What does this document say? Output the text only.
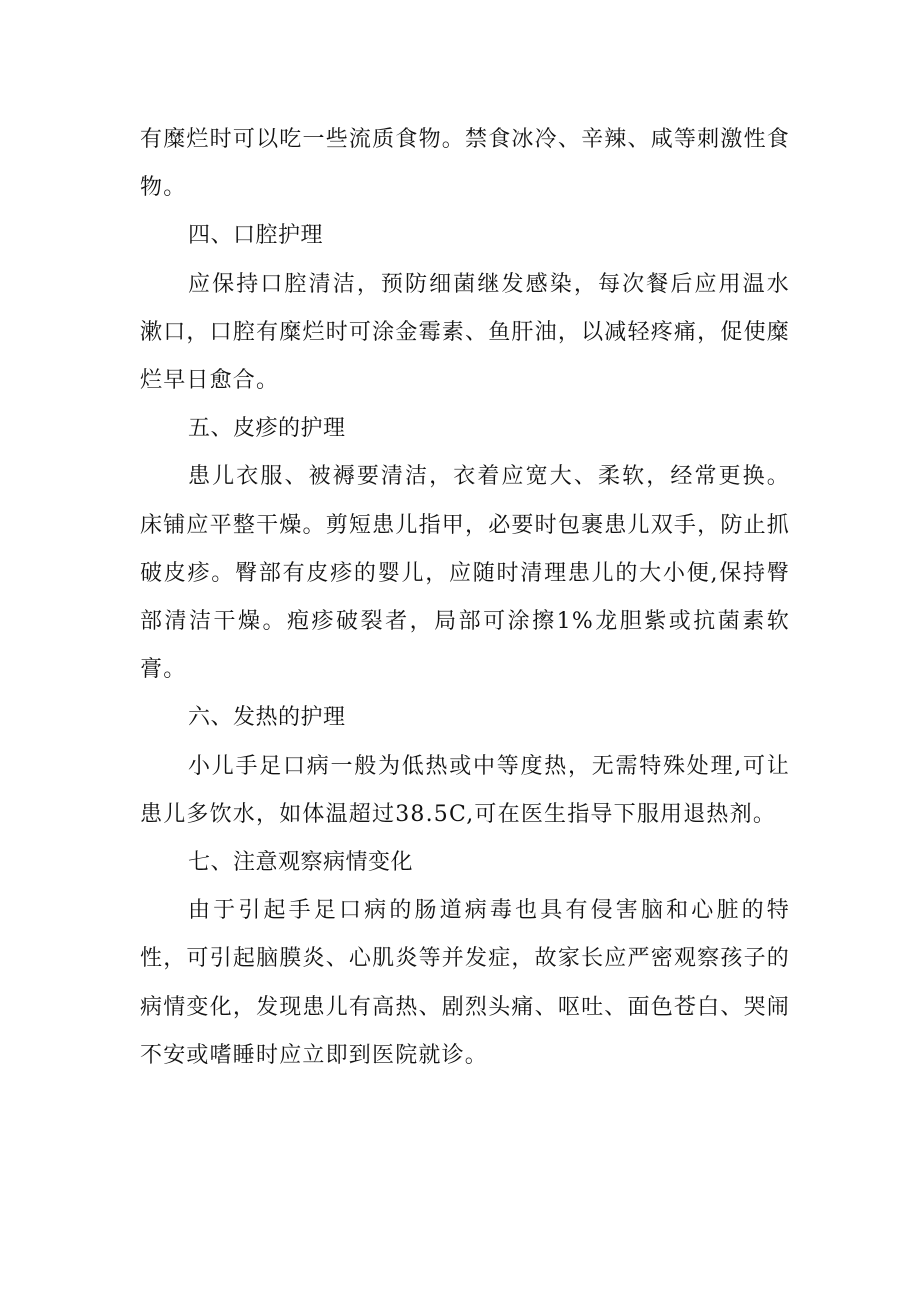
有糜烂时可以吃一些流质食物。禁食冰冷、辛辣、咸等刺激性食物。

四、口腔护理

应保持口腔清洁，预防细菌继发感染，每次餐后应用温水漱口，口腔有糜烂时可涂金霉素、鱼肝油，以减轻疼痛，促使糜烂早日愈合。

五、皮疹的护理

患儿衣服、被褥要清洁，衣着应宽大、柔软，经常更换。床铺应平整干燥。剪短患儿指甲，必要时包裹患儿双手，防止抓破皮疹。臀部有皮疹的婴儿，应随时清理患儿的大小便,保持臀部清洁干燥。疱疹破裂者，局部可涂擦1%龙胆紫或抗菌素软膏。

六、发热的护理

小儿手足口病一般为低热或中等度热，无需特殊处理,可让患儿多饮水，如体温超过38.5C,可在医生指导下服用退热剂。

七、注意观察病情变化

由于引起手足口病的肠道病毒也具有侵害脑和心脏的特性，可引起脑膜炎、心肌炎等并发症，故家长应严密观察孩子的病情变化，发现患儿有高热、剧烈头痛、呕吐、面色苍白、哭闹不安或嗜睡时应立即到医院就诊。
